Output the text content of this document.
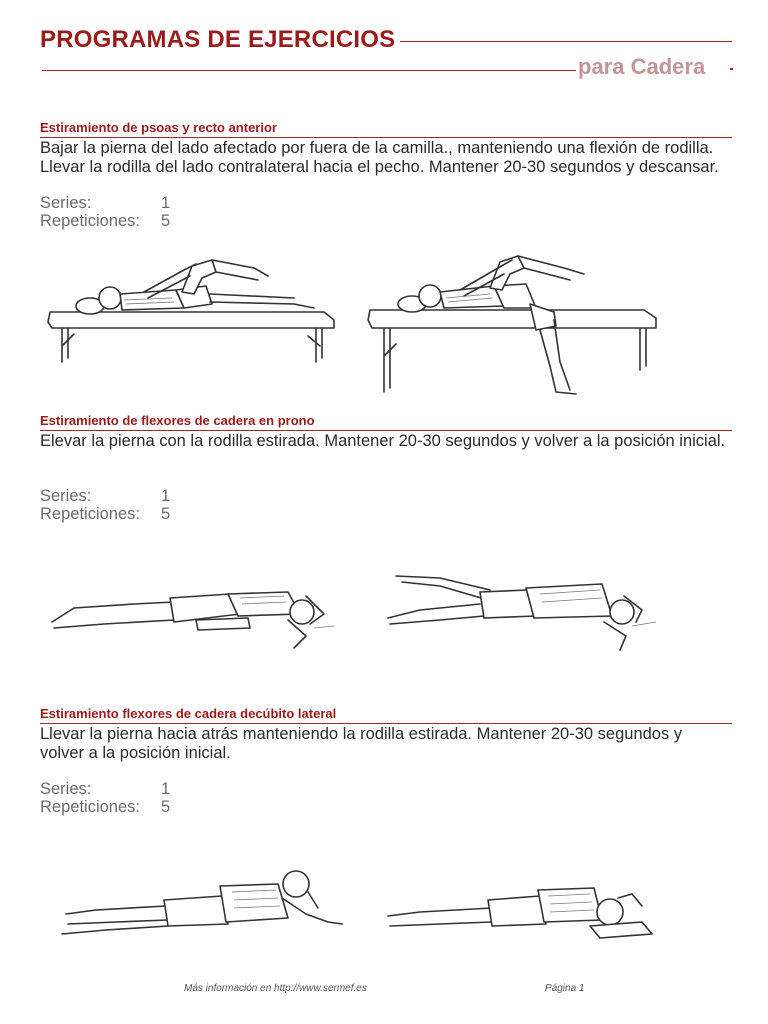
PROGRAMAS DE EJERCICIOS
para Cadera
Estiramiento de psoas y recto anterior
Bajar la pierna del lado afectado por fuera de la camilla., manteniendo una flexión de rodilla. Llevar la rodilla del lado contralateral hacia el pecho. Mantener 20-30 segundos y descansar.
Series:	1
Repeticiones: 5
Estiramiento de flexores de cadera en prono
Elevar la pierna con la rodilla estirada. Mantener 20-30 segundos y volver a la posición inicial.
Series:	1
Repeticiones: 5
Estiramiento flexores de cadera decúbito lateral
Llevar la pierna hacia atrás manteniendo la rodilla estirada. Mantener 20-30 segundos y volver a la posición inicial.
Series:	1
Repeticiones: 5
Más información en http://www.sermef.es	Página 1
